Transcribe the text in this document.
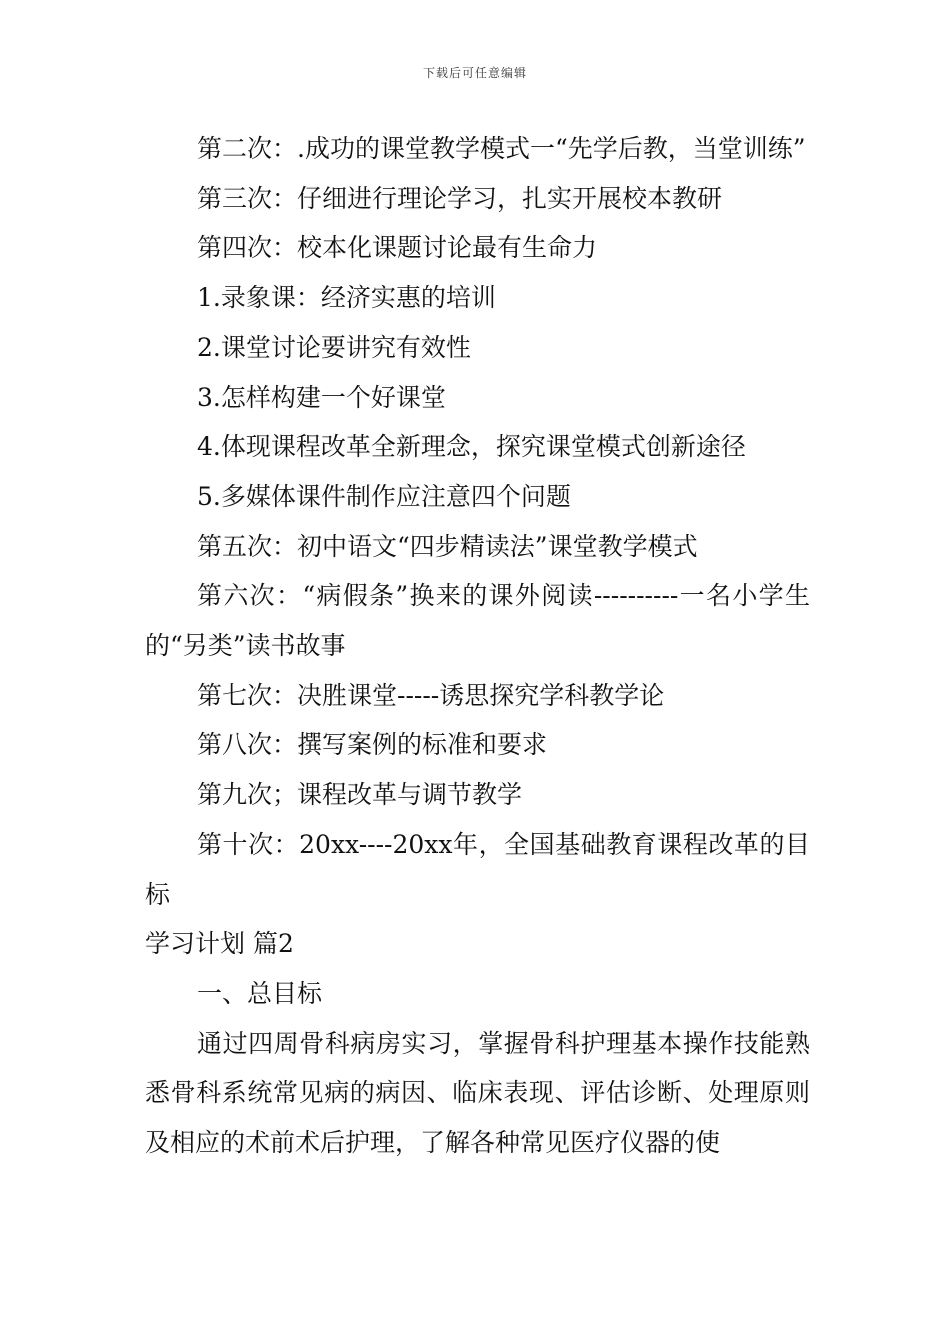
下载后可任意编辑

第二次：.成功的课堂教学模式一“先学后教，当堂训练”

第三次：仔细进行理论学习，扎实开展校本教研

第四次：校本化课题讨论最有生命力

1.录象课：经济实惠的培训

2.课堂讨论要讲究有效性

3.怎样构建一个好课堂

4.体现课程改革全新理念，探究课堂模式创新途径

5.多媒体课件制作应注意四个问题

第五次：初中语文“四步精读法”课堂教学模式

第六次：“病假条”换来的课外阅读----------一名小学生的“另类”读书故事

第七次：决胜课堂-----诱思探究学科教学论

第八次：撰写案例的标准和要求

第九次；课程改革与调节教学

第十次：20xx----20xx年，全国基础教育课程改革的目标

学习计划 篇2

一、总目标

通过四周骨科病房实习，掌握骨科护理基本操作技能熟悉骨科系统常见病的病因、临床表现、评估诊断、处理原则及相应的术前术后护理，了解各种常见医疗仪器的使
